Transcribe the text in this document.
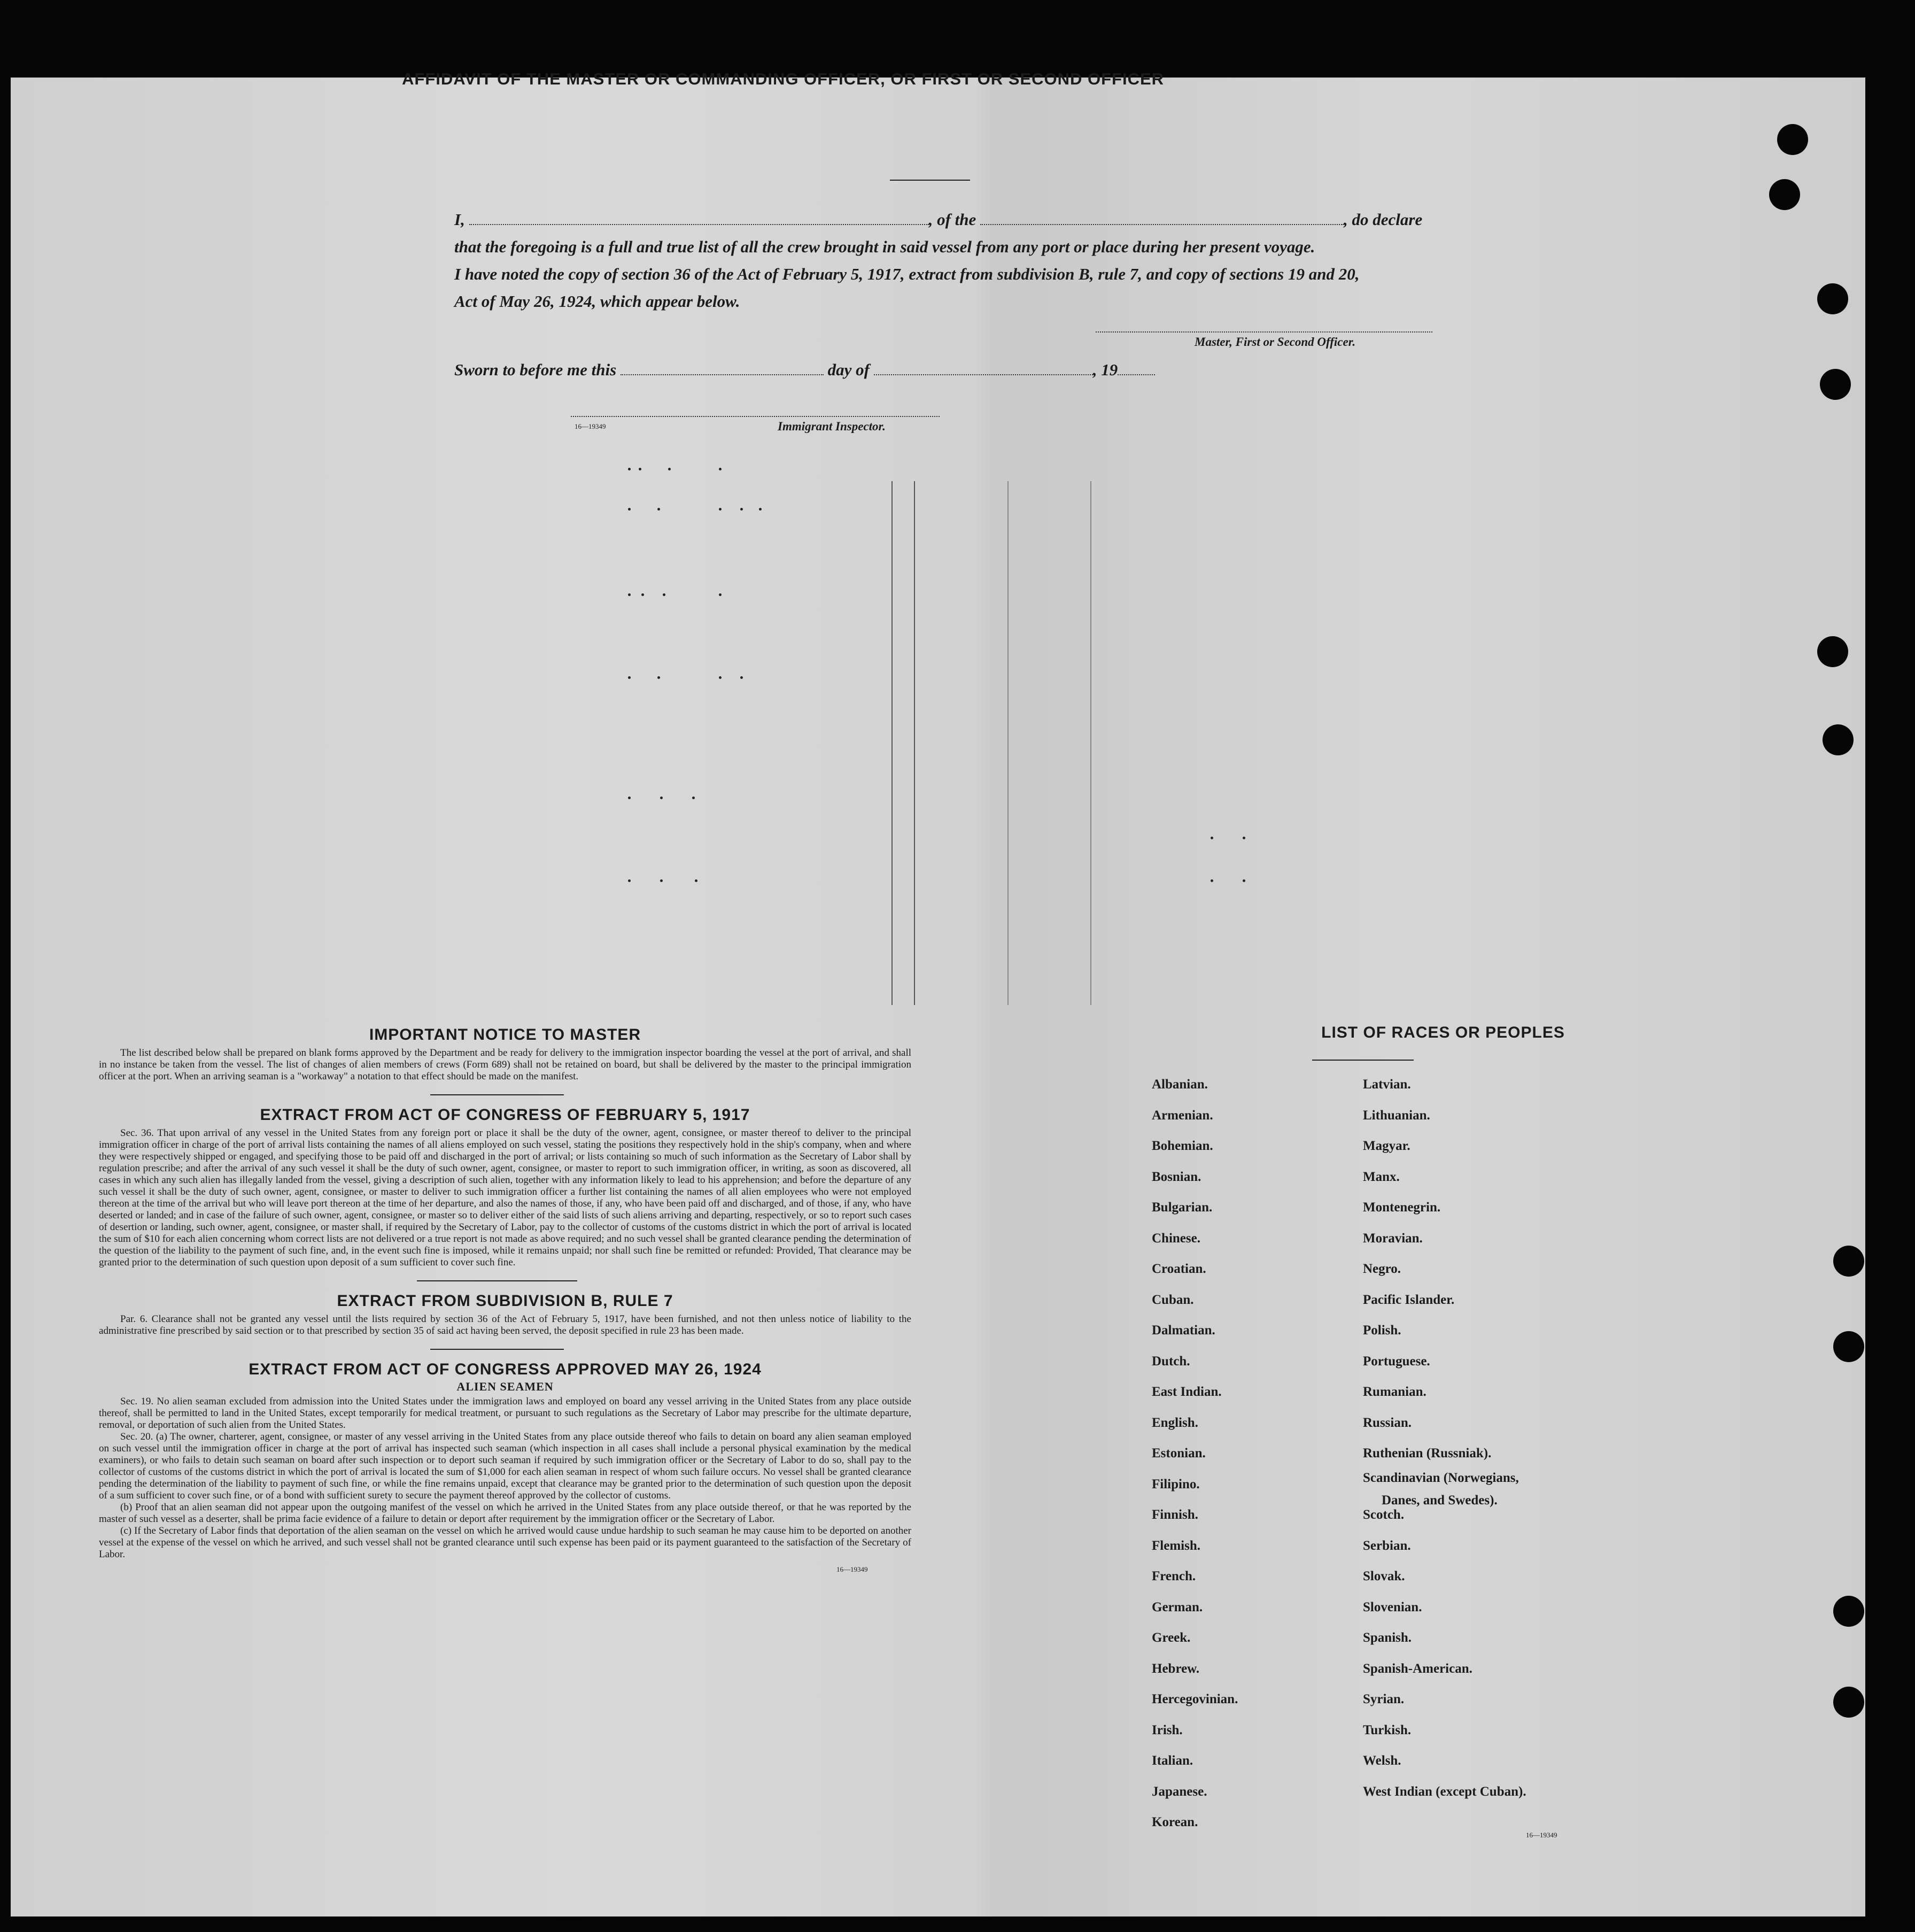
AFFIDAVIT OF THE MASTER OR COMMANDING OFFICER, OR FIRST OR SECOND OFFICER
I,	, of the	, do declare
that the foregoing is a full and true list of all the crew brought in said vessel from any port or place during her present voyage.
I have noted the copy of section 36 of the Act of February 5, 1917, extract from subdivision B, rule 7, and copy of sections 19 and 20,
Act of May 26, 1924, which appear below.
Master, First or Second Officer.
Sworn to before me this	day of	, 19
16—19349	Immigrant Inspector.

IMPORTANT NOTICE TO MASTER

The list described below shall be prepared on blank forms approved by the Department and be ready for delivery to the immigration inspector boarding the vessel at the port of arrival, and shall in no instance be taken from the vessel. The list of changes of alien members of crews (Form 689) shall not be retained on board, but shall be delivered by the master to the principal immigration officer at the port. When an arriving seaman is a "workaway" a notation to that effect should be made on the manifest.

EXTRACT FROM ACT OF CONGRESS OF FEBRUARY 5, 1917

Sec. 36. That upon arrival of any vessel in the United States from any foreign port or place it shall be the duty of the owner, agent, consignee, or master thereof to deliver to the principal immigration officer in charge of the port of arrival lists containing the names of all aliens employed on such vessel, stating the positions they respectively hold in the ship's company, when and where they were respectively shipped or engaged, and specifying those to be paid off and discharged in the port of arrival; or lists containing so much of such information as the Secretary of Labor shall by regulation prescribe; and after the arrival of any such vessel it shall be the duty of such owner, agent, consignee, or master to report to such immigration officer, in writing, as soon as discovered, all cases in which any such alien has illegally landed from the vessel, giving a description of such alien, together with any information likely to lead to his apprehension; and before the departure of any such vessel it shall be the duty of such owner, agent, consignee, or master to deliver to such immigration officer a further list containing the names of all alien employees who were not employed thereon at the time of the arrival but who will leave port thereon at the time of her departure, and also the names of those, if any, who have been paid off and discharged, and of those, if any, who have deserted or landed; and in case of the failure of such owner, agent, consignee, or master so to deliver either of the said lists of such aliens arriving and departing, respectively, or so to report such cases of desertion or landing, such owner, agent, consignee, or master shall, if required by the Secretary of Labor, pay to the collector of customs of the customs district in which the port of arrival is located the sum of $10 for each alien concerning whom correct lists are not delivered or a true report is not made as above required; and no such vessel shall be granted clearance pending the determination of the question of the liability to the payment of such fine, and, in the event such fine is imposed, while it remains unpaid; nor shall such fine be remitted or refunded: Provided, That clearance may be granted prior to the determination of such question upon deposit of a sum sufficient to cover such fine.

EXTRACT FROM SUBDIVISION B, RULE 7

Par. 6. Clearance shall not be granted any vessel until the lists required by section 36 of the Act of February 5, 1917, have been furnished, and not then unless notice of liability to the administrative fine prescribed by said section or to that prescribed by section 35 of said act having been served, the deposit specified in rule 23 has been made.

EXTRACT FROM ACT OF CONGRESS APPROVED MAY 26, 1924

ALIEN SEAMEN

Sec. 19. No alien seaman excluded from admission into the United States under the immigration laws and employed on board any vessel arriving in the United States from any place outside thereof, shall be permitted to land in the United States, except temporarily for medical treatment, or pursuant to such regulations as the Secretary of Labor may prescribe for the ultimate departure, removal, or deportation of such alien from the United States.

Sec. 20. (a) The owner, charterer, agent, consignee, or master of any vessel arriving in the United States from any place outside thereof who fails to detain on board any alien seaman employed on such vessel until the immigration officer in charge at the port of arrival has inspected such seaman (which inspection in all cases shall include a personal physical examination by the medical examiners), or who fails to detain such seaman on board after such inspection or to deport such seaman if required by such immigration officer or the Secretary of Labor to do so, shall pay to the collector of customs of the customs district in which the port of arrival is located the sum of $1,000 for each alien seaman in respect of whom such failure occurs. No vessel shall be granted clearance pending the determination of the liability to payment of such fine, or while the fine remains unpaid, except that clearance may be granted prior to the determination of such question upon the deposit of a sum sufficient to cover such fine, or of a bond with sufficient surety to secure the payment thereof approved by the collector of customs.

(b) Proof that an alien seaman did not appear upon the outgoing manifest of the vessel on which he arrived in the United States from any place outside thereof, or that he was reported by the master of such vessel as a deserter, shall be prima facie evidence of a failure to detain or deport after requirement by the immigration officer or the Secretary of Labor.

(c) If the Secretary of Labor finds that deportation of the alien seaman on the vessel on which he arrived would cause undue hardship to such seaman he may cause him to be deported on another vessel at the expense of the vessel on which he arrived, and such vessel shall not be granted clearance until such expense has been paid or its payment guaranteed to the satisfaction of the Secretary of Labor.

16—19349
LIST OF RACES OR PEOPLES
Albanian.
Armenian.
Bohemian.
Bosnian.
Bulgarian.
Chinese.
Croatian.
Cuban.
Dalmatian.
Dutch.
East Indian.
English.
Estonian.
Filipino.
Finnish.
Flemish.
French.
German.
Greek.
Hebrew.
Hercegovinian.
Irish.
Italian.
Japanese.
Korean.
Latvian.
Lithuanian.
Magyar.
Manx.
Montenegrin.
Moravian.
Negro.
Pacific Islander.
Polish.
Portuguese.
Rumanian.
Russian.
Ruthenian (Russniak).
Scandinavian (Norwegians,
Danes, and Swedes).
Scotch.
Serbian.
Slovak.
Slovenian.
Spanish.
Spanish-American.
Syrian.
Turkish.
Welsh.
West Indian (except Cuban).
16—19349
